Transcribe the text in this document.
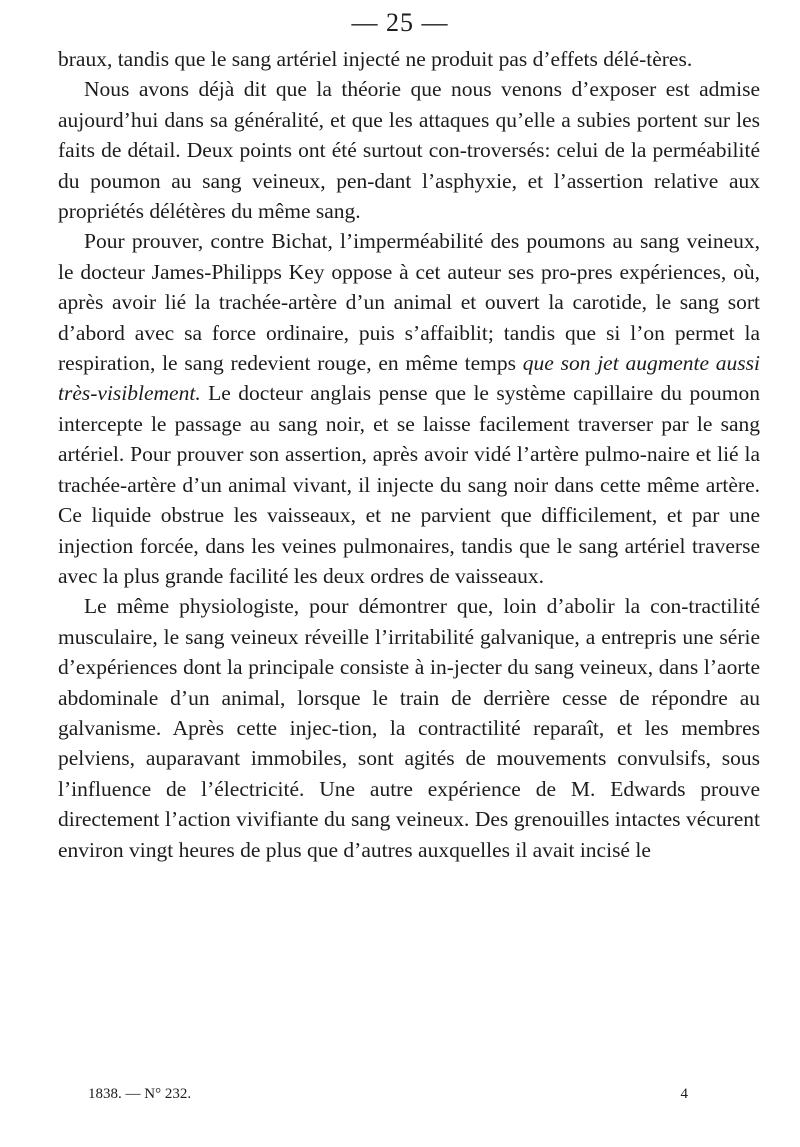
— 25 —

braux, tandis que le sang artériel injecté ne produit pas d’effets délé-tères.

Nous avons déjà dit que la théorie que nous venons d’exposer est admise aujourd’hui dans sa généralité, et que les attaques qu’elle a subies portent sur les faits de détail. Deux points ont été surtout con-troversés: celui de la perméabilité du poumon au sang veineux, pen-dant l’asphyxie, et l’assertion relative aux propriétés délétères du même sang.

Pour prouver, contre Bichat, l’imperméabilité des poumons au sang veineux, le docteur James-Philipps Key oppose à cet auteur ses pro-pres expériences, où, après avoir lié la trachée-artère d’un animal et ouvert la carotide, le sang sort d’abord avec sa force ordinaire, puis s’affaiblit; tandis que si l’on permet la respiration, le sang redevient rouge, en même temps que son jet augmente aussi très-visiblement. Le docteur anglais pense que le système capillaire du poumon intercepte le passage au sang noir, et se laisse facilement traverser par le sang artériel. Pour prouver son assertion, après avoir vidé l’artère pulmo-naire et lié la trachée-artère d’un animal vivant, il injecte du sang noir dans cette même artère. Ce liquide obstrue les vaisseaux, et ne parvient que difficilement, et par une injection forcée, dans les veines pulmonaires, tandis que le sang artériel traverse avec la plus grande facilité les deux ordres de vaisseaux.

Le même physiologiste, pour démontrer que, loin d’abolir la con-tractilité musculaire, le sang veineux réveille l’irritabilité galvanique, a entrepris une série d’expériences dont la principale consiste à in-jecter du sang veineux, dans l’aorte abdominale d’un animal, lorsque le train de derrière cesse de répondre au galvanisme. Après cette injec-tion, la contractilité reparaît, et les membres pelviens, auparavant immobiles, sont agités de mouvements convulsifs, sous l’influence de l’électricité. Une autre expérience de M. Edwards prouve directement l’action vivifiante du sang veineux. Des grenouilles intactes vécurent environ vingt heures de plus que d’autres auxquelles il avait incisé le

1838. — N° 232.	4
